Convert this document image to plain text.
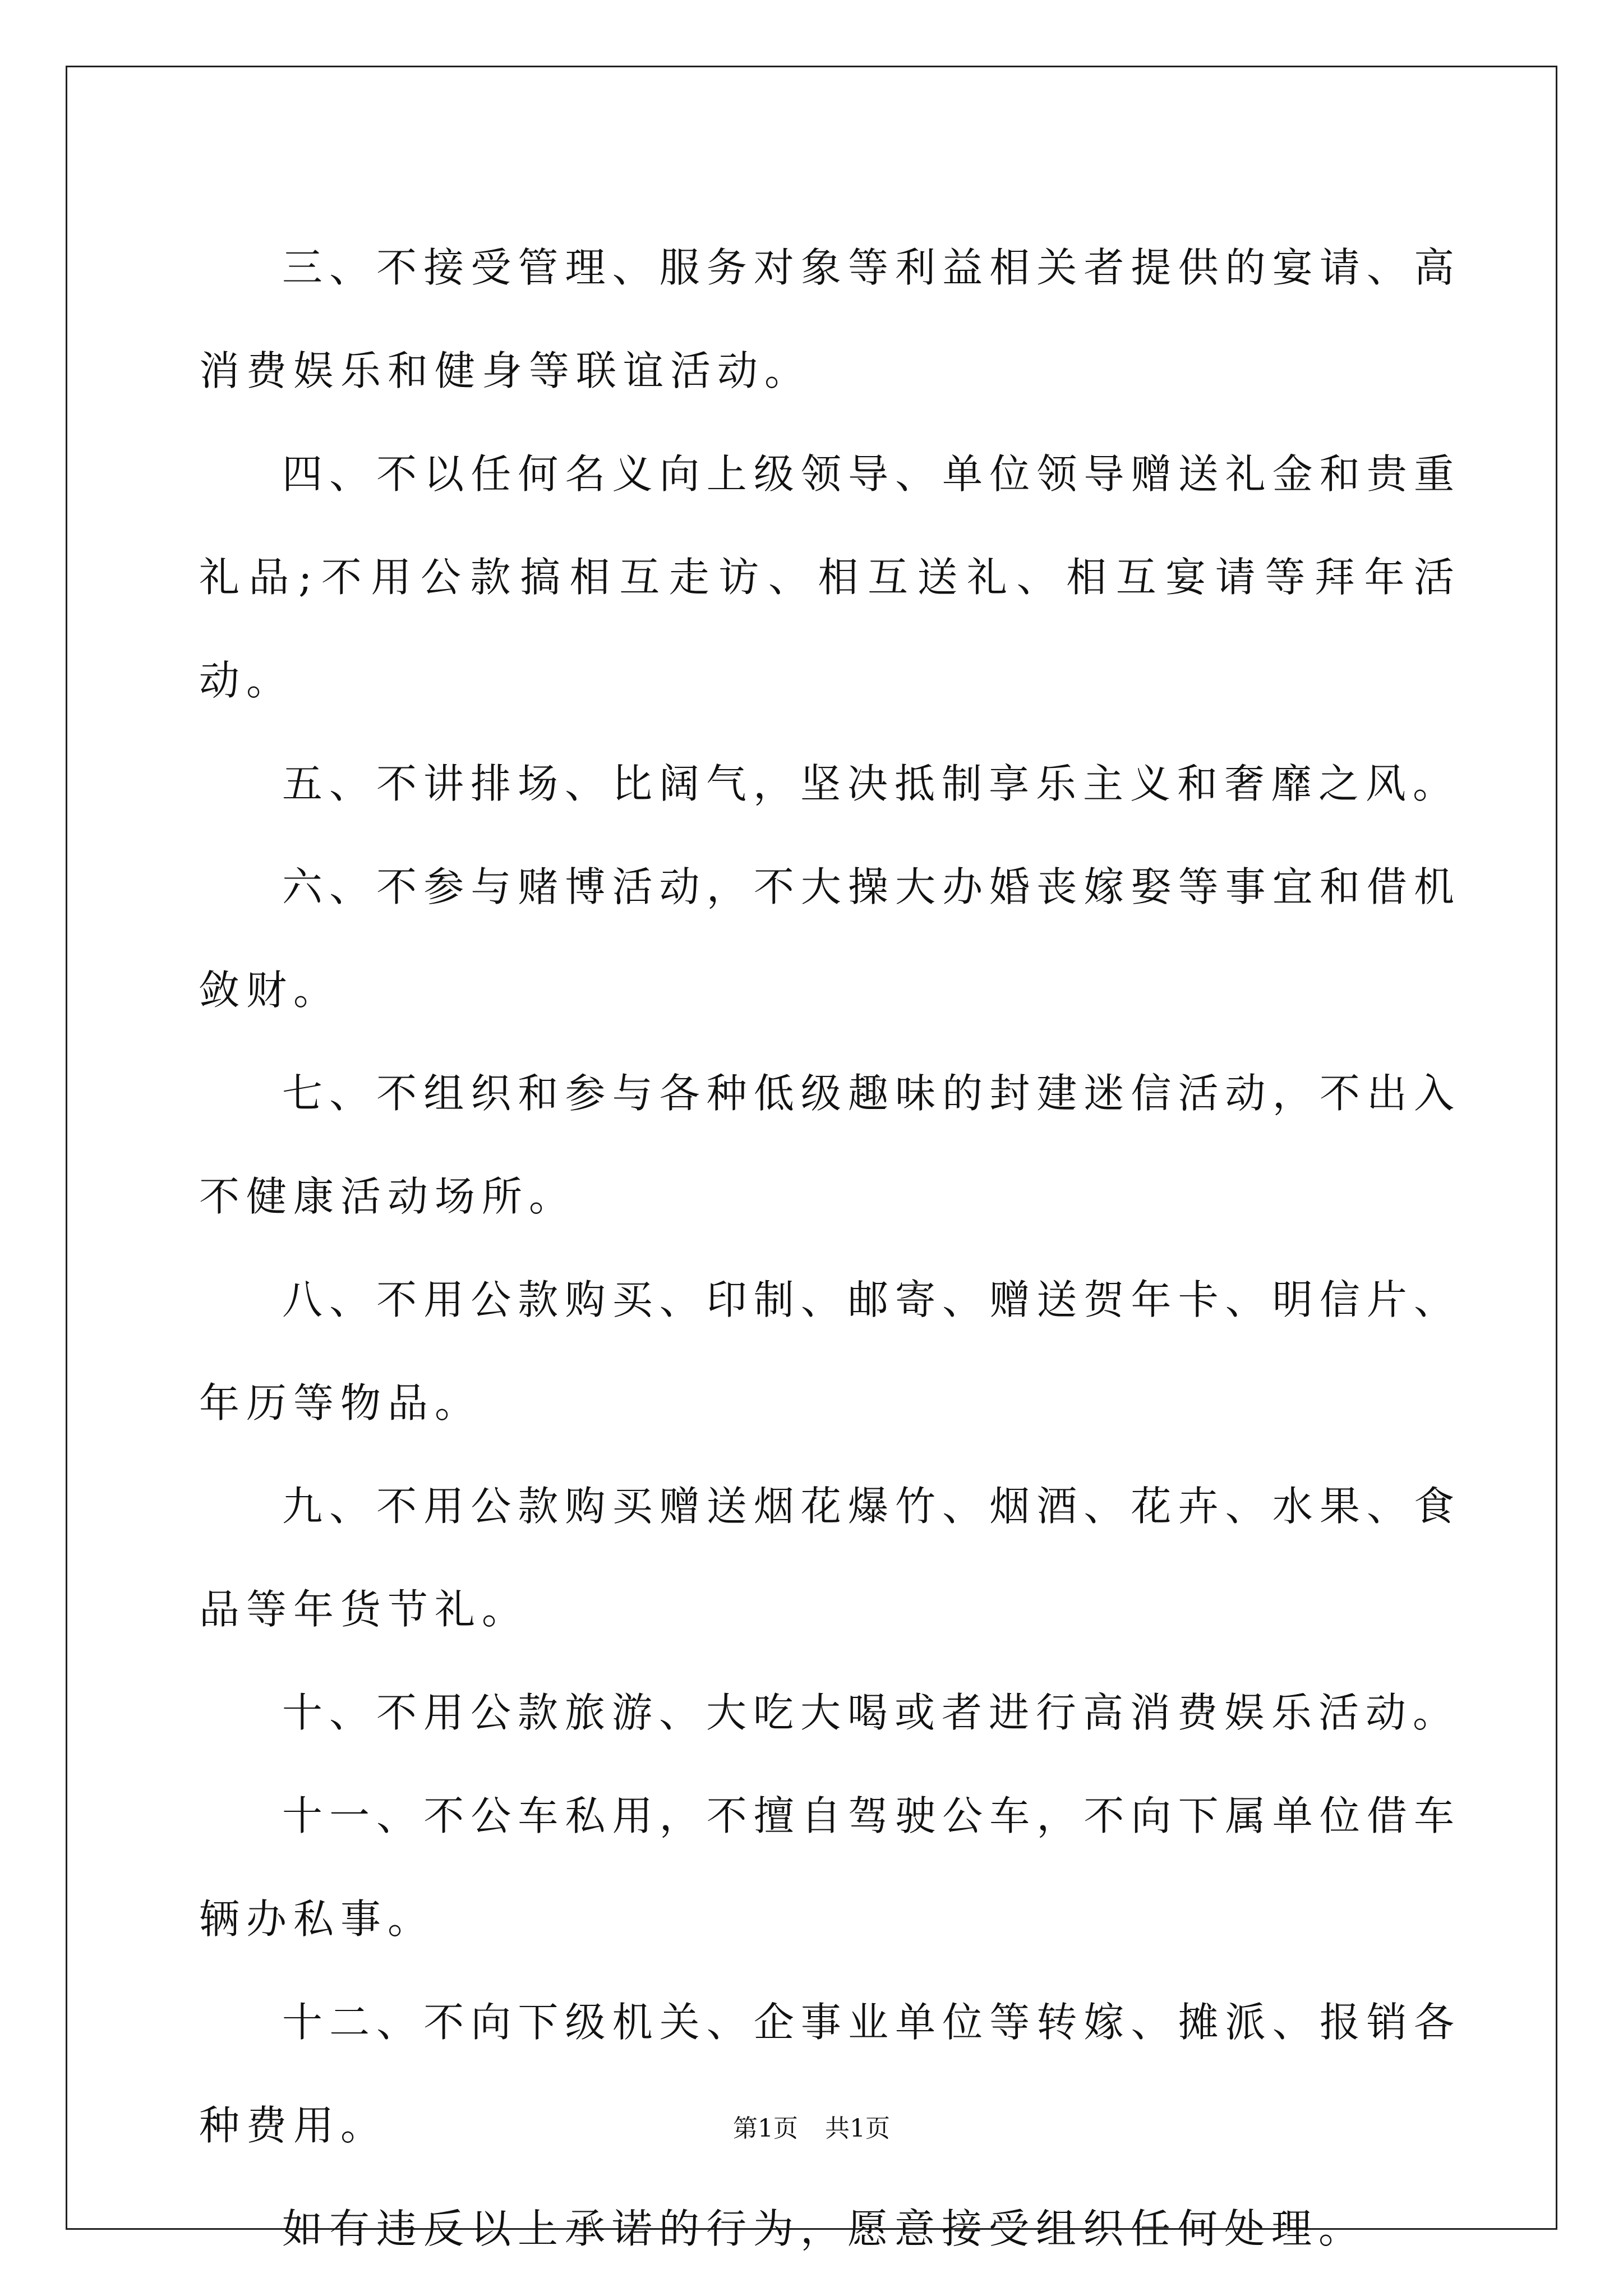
三、不接受管理、服务对象等利益相关者提供的宴请、高消费娱乐和健身等联谊活动。

四、不以任何名义向上级领导、单位领导赠送礼金和贵重礼品;不用公款搞相互走访、相互送礼、相互宴请等拜年活动。

五、不讲排场、比阔气，坚决抵制享乐主义和奢靡之风。

六、不参与赌博活动，不大操大办婚丧嫁娶等事宜和借机敛财。

七、不组织和参与各种低级趣味的封建迷信活动，不出入不健康活动场所。

八、不用公款购买、印制、邮寄、赠送贺年卡、明信片、年历等物品。

九、不用公款购买赠送烟花爆竹、烟酒、花卉、水果、食品等年货节礼。

十、不用公款旅游、大吃大喝或者进行高消费娱乐活动。

十一、不公车私用，不擅自驾驶公车，不向下属单位借车辆办私事。

十二、不向下级机关、企事业单位等转嫁、摊派、报销各种费用。

如有违反以上承诺的行为，愿意接受组织任何处理。

第1页 共1页
